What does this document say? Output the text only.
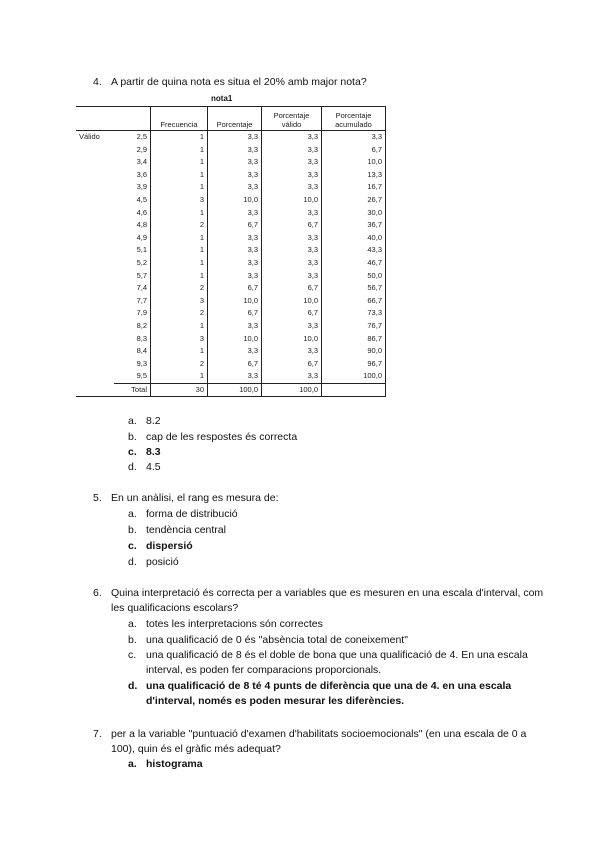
4. A partir de quina nota es situa el 20% amb major nota?
nota1
		Frecuencia	Porcentaje	Porcentaje válido	Porcentaje acumulado
Válido	2,5	1	3,3	3,3	3,3
	2,9	1	3,3	3,3	6,7
	3,4	1	3,3	3,3	10,0
	3,6	1	3,3	3,3	13,3
	3,9	1	3,3	3,3	16,7
	4,5	3	10,0	10,0	26,7
	4,6	1	3,3	3,3	30,0
	4,8	2	6,7	6,7	36,7
	4,9	1	3,3	3,3	40,0
	5,1	1	3,3	3,3	43,3
	5,2	1	3,3	3,3	46,7
	5,7	1	3,3	3,3	50,0
	7,4	2	6,7	6,7	56,7
	7,7	3	10,0	10,0	66,7
	7,9	2	6,7	6,7	73,3
	8,2	1	3,3	3,3	76,7
	8,3	3	10,0	10,0	86,7
	8,4	1	3,3	3,3	90,0
	9,3	2	6,7	6,7	96,7
	9,5	1	3,3	3,3	100,0
	Total	30	100,0	100,0	
a. 8.2
b. cap de les respostes és correcta
c. 8.3
d. 4.5
5. En un anàlisi, el rang es mesura de:
a. forma de distribució
b. tendència central
c. dispersió
d. posició
6. Quina interpretació és correcta per a variables que es mesuren en una escala d'interval, com
les qualificacions escolars?
a. totes les interpretacions són correctes
b. una qualificació de 0 és "absència total de coneixement"
c. una qualificació de 8 és el doble de bona que una qualificació de 4. En una escala
interval, es poden fer comparacions proporcionals.
d. una qualificació de 8 té 4 punts de diferència que una de 4. en una escala
d'interval, només es poden mesurar les diferències.
7. per a la variable "puntuació d'examen d'habilitats socioemocionals" (en una escala de 0 a
100), quin és el gràfic més adequat?
a. histograma
